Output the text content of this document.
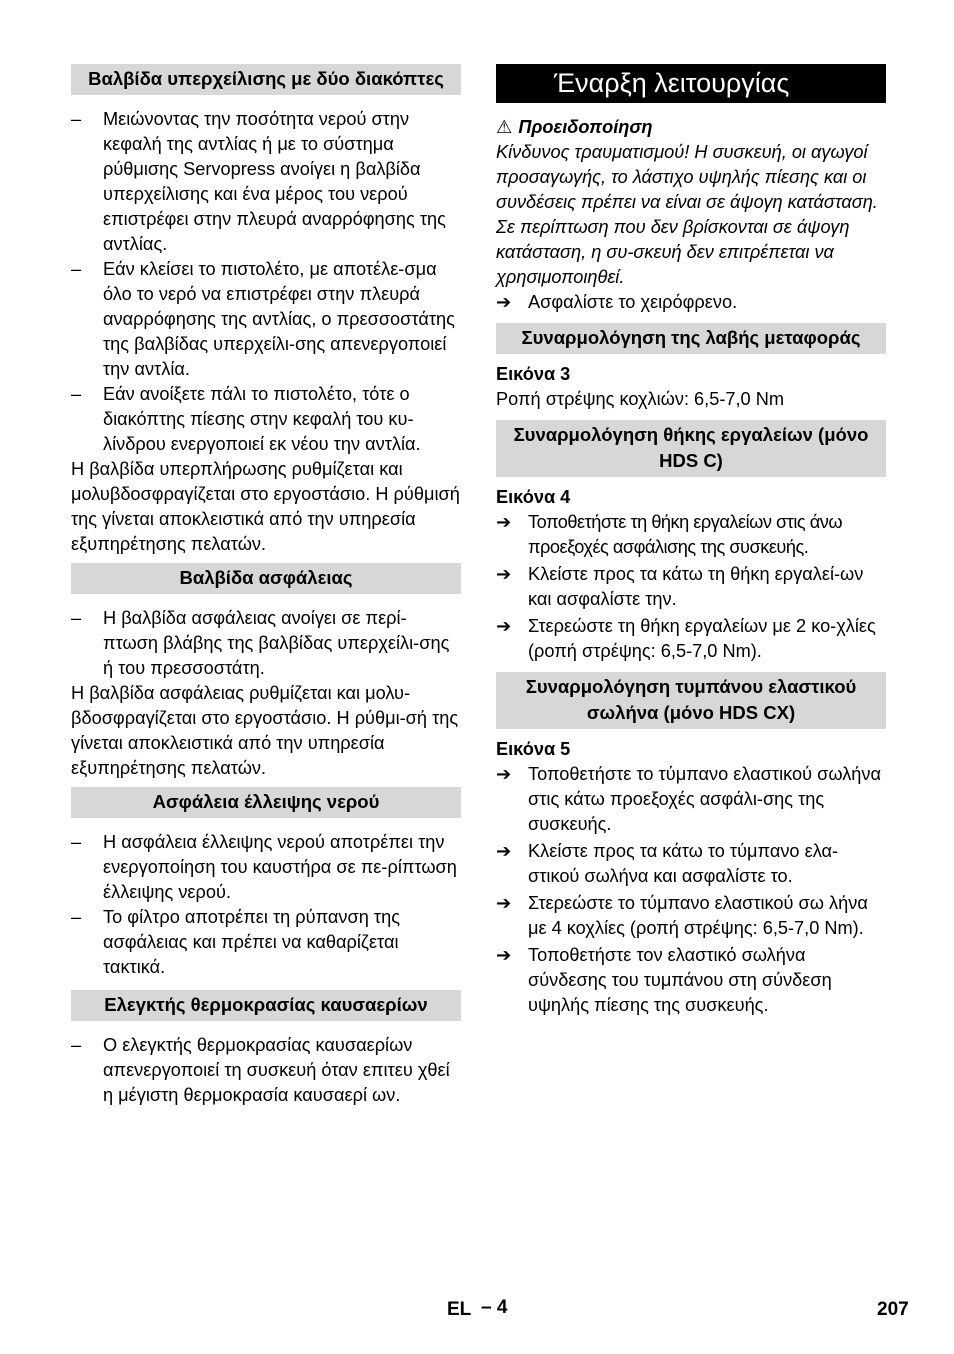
Βαλβίδα υπερχείλισης με δύο διακόπτες
– Μειώνοντας την ποσότητα νερού στην κεφαλή της αντλίας ή με το σύστημα ρύθμισης Servopress ανοίγει η βαλβίδα υπερχείλισης και ένα μέρος του νερού επιστρέφει στην πλευρά αναρρόφησης της αντλίας.
– Εάν κλείσει το πιστολέτο, με αποτέλε-σμα όλο το νερό να επιστρέφει στην πλευρά αναρρόφησης της αντλίας, ο πρεσσοστάτης της βαλβίδας υπερχείλι-σης απενεργοποιεί την αντλία.
– Εάν ανοίξετε πάλι το πιστολέτο, τότε ο διακόπτης πίεσης στην κεφαλή του κυ-λίνδρου ενεργοποιεί εκ νέου την αντλία.
Η βαλβίδα υπερπλήρωσης ρυθμίζεται και μολυβδοσφραγίζεται στο εργοστάσιο. Η ρύθμισή της γίνεται αποκλειστικά από την υπηρεσία εξυπηρέτησης πελατών.
Βαλβίδα ασφάλειας
– Η βαλβίδα ασφάλειας ανοίγει σε περί-πτωση βλάβης της βαλβίδας υπερχείλι-σης ή του πρεσσοστάτη.
Η βαλβίδα ασφάλειας ρυθμίζεται και μολυ-βδοσφραγίζεται στο εργοστάσιο. Η ρύθμι-σή της γίνεται αποκλειστικά από την υπηρεσία εξυπηρέτησης πελατών.
Ασφάλεια έλλειψης νερού
– Η ασφάλεια έλλειψης νερού αποτρέπει την ενεργοποίηση του καυστήρα σε πε-ρίπτωση έλλειψης νερού.
– Το φίλτρο αποτρέπει τη ρύπανση της ασφάλειας και πρέπει να καθαρίζεται τακτικά.
Ελεγκτής θερμοκρασίας καυσαερίων
– Ο ελεγκτής θερμοκρασίας καυσαερίων απενεργοποιεί τη συσκευή όταν επιτευ χθεί η μέγιστη θερμοκρασία καυσαερί ων.
Έναρξη λειτουργίας
⚠ Προειδοποίηση
Κίνδυνος τραυματισμού! Η συσκευή, οι αγωγοί προσαγωγής, το λάστιχο υψηλής πίεσης και οι συνδέσεις πρέπει να είναι σε άψογη κατάσταση. Σε περίπτωση που δεν βρίσκονται σε άψογη κατάσταση, η συ-σκευή δεν επιτρέπεται να χρησιμοποιηθεί.
➔ Ασφαλίστε το χειρόφρενο.
Συναρμολόγηση της λαβής μεταφοράς
Εικόνα 3
Ροπή στρέψης κοχλιών: 6,5-7,0 Nm
Συναρμολόγηση θήκης εργαλείων (μόνο HDS C)
Εικόνα 4
➔ Τοποθετήστε τη θήκη εργαλείων στις άνω προεξοχές ασφάλισης της συσκευής.
➔ Κλείστε προς τα κάτω τη θήκη εργαλεί-ων και ασφαλίστε την.
➔ Στερεώστε τη θήκη εργαλείων με 2 κο-χλίες (ροπή στρέψης: 6,5-7,0 Nm).
Συναρμολόγηση τυμπάνου ελαστικού σωλήνα (μόνο HDS CX)
Εικόνα 5
➔ Τοποθετήστε το τύμπανο ελαστικού σωλήνα στις κάτω προεξοχές ασφάλι-σης της συσκευής.
➔ Κλείστε προς τα κάτω το τύμπανο ελα-στικού σωλήνα και ασφαλίστε το.
➔ Στερεώστε το τύμπανο ελαστικού σω λήνα με 4 κοχλίες (ροπή στρέψης: 6,5-7,0 Nm).
➔ Τοποθετήστε τον ελαστικό σωλήνα σύνδεσης του τυμπάνου στη σύνδεση υψηλής πίεσης της συσκευής.
EL – 4	207
